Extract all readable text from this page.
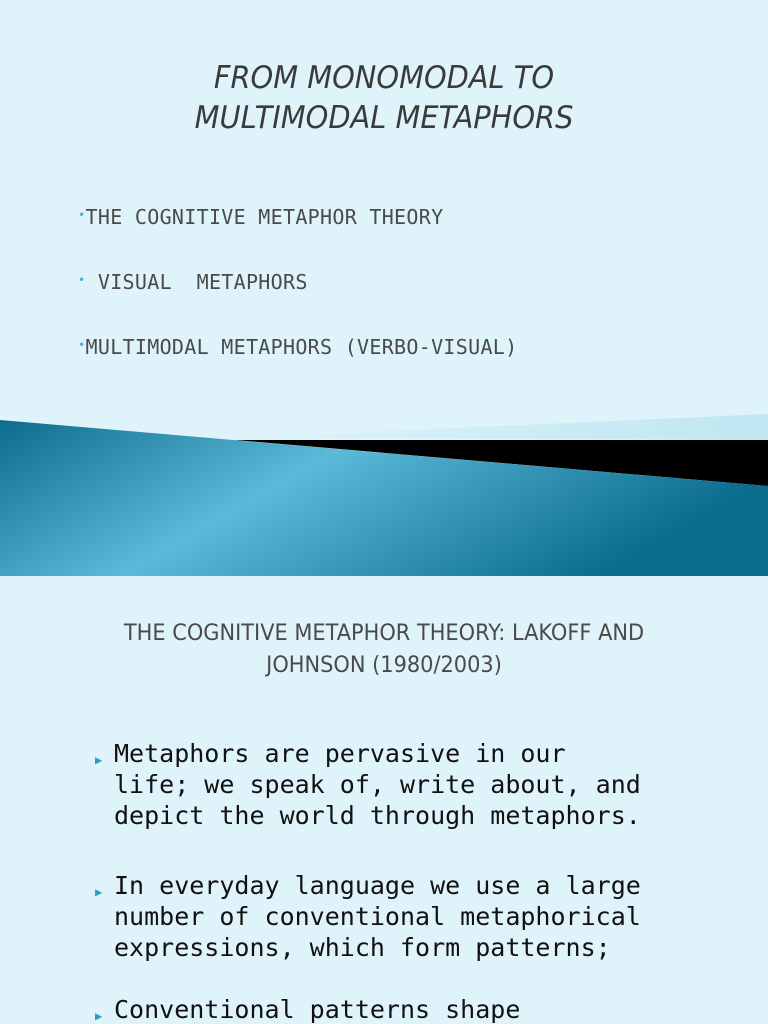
FROM MONOMODAL TO
MULTIMODAL METAPHORS
•THE COGNITIVE METAPHOR THEORY
• VISUAL  METAPHORS
•MULTIMODAL METAPHORS (VERBO-VISUAL)
THE COGNITIVE METAPHOR THEORY: LAKOFF AND
JOHNSON (1980/2003)
▶ Metaphors are pervasive in our
life; we speak of, write about, and
depict the world through metaphors.
▶ In everyday language we use a large
number of conventional metaphorical
expressions, which form patterns;
▶ Conventional patterns shape
